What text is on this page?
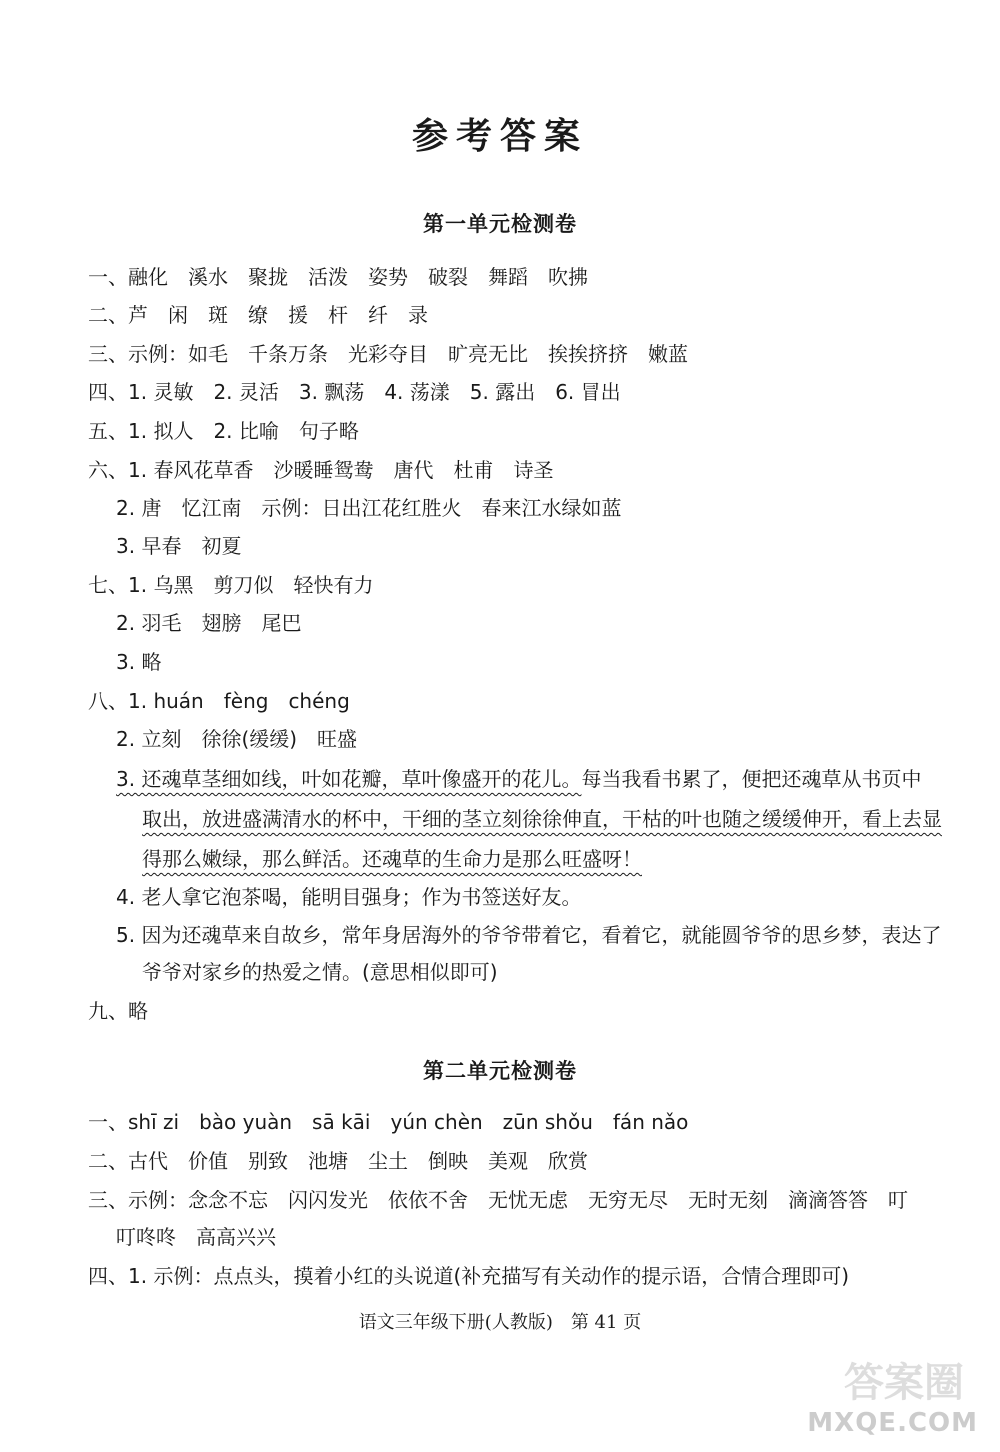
参考答案
第一单元检测卷
一、融化　溪水　聚拢　活泼　姿势　破裂　舞蹈　吹拂
二、芦　闲　斑　缭　援　杆　纤　录
三、示例：如毛　千条万条　光彩夺目　旷亮无比　挨挨挤挤　嫩蓝
四、1. 灵敏　2. 灵活　3. 飘荡　4. 荡漾　5. 露出　6. 冒出
五、1. 拟人　2. 比喻　句子略
六、1. 春风花草香　沙暖睡鸳鸯　唐代　杜甫　诗圣
2. 唐　忆江南　示例：日出江花红胜火　春来江水绿如蓝
3. 早春　初夏
七、1. 乌黑　剪刀似　轻快有力
2. 羽毛　翅膀　尾巴
3. 略
八、1. huán　fèng　chéng
2. 立刻　徐徐(缓缓)　旺盛
3. 还魂草茎细如线，叶如花瓣，草叶像盛开的花儿。每当我看书累了，便把还魂草从书页中
取出，放进盛满清水的杯中，干细的茎立刻徐徐伸直，干枯的叶也随之缓缓伸开，看上去显
得那么嫩绿，那么鲜活。还魂草的生命力是那么旺盛呀！
4. 老人拿它泡茶喝，能明目强身；作为书签送好友。
5. 因为还魂草来自故乡，常年身居海外的爷爷带着它，看着它，就能圆爷爷的思乡梦，表达了
爷爷对家乡的热爱之情。(意思相似即可)
九、略
第二单元检测卷
一、shī zi　bào yuàn　sā kāi　yún chèn　zūn shǒu　fán nǎo
二、古代　价值　别致　池塘　尘土　倒映　美观　欣赏
三、示例：念念不忘　闪闪发光　依依不舍　无忧无虑　无穷无尽　无时无刻　滴滴答答　叮
叮咚咚　高高兴兴
四、1. 示例：点点头，摸着小红的头说道(补充描写有关动作的提示语，合情合理即可)
语文三年级下册(人教版)　第 41 页
答案圈
MXQE.COM
